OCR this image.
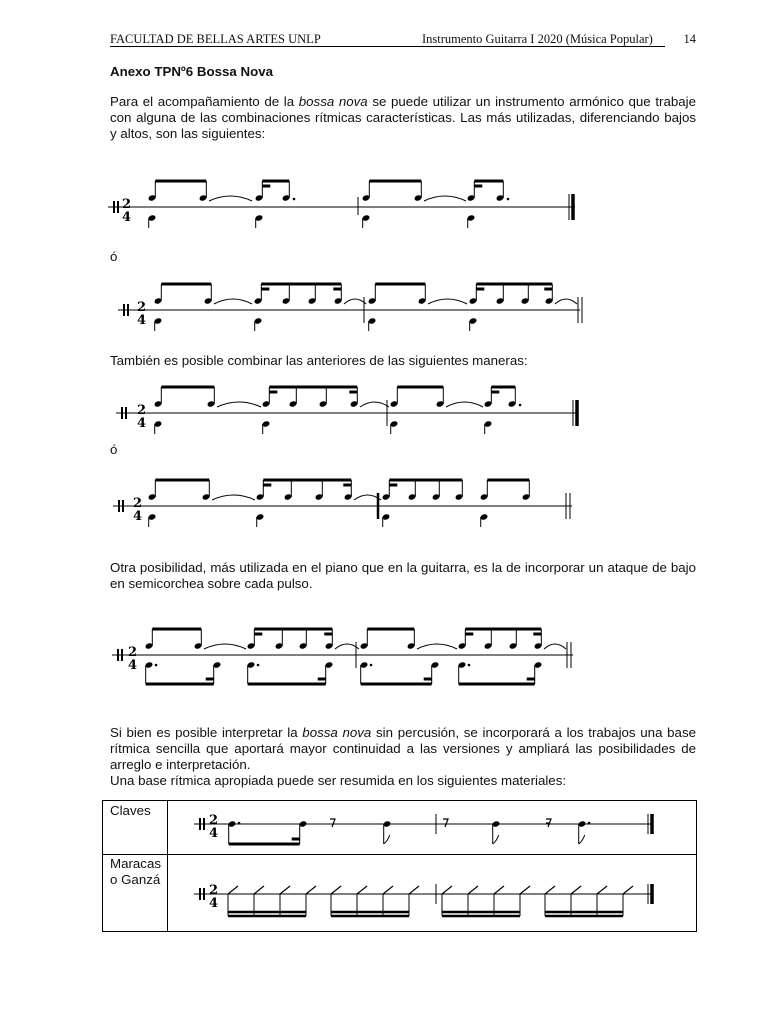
FACULTAD DE BELLAS ARTES UNLP	Instrumento Guitarra I 2020 (Música Popular) 14
Anexo TPNº6 Bossa Nova

Para el acompañamiento de la bossa nova se puede utilizar un instrumento armónico que trabaje con alguna de las combinaciones rítmicas características. Las más utilizadas, diferenciando bajos y altos, son las siguientes:

2
4
ó
2
4
También es posible combinar las anteriores de las siguientes maneras:
2
4
ó
2
4
Otra posibilidad, más utilizada en el piano que en la guitarra, es la de incorporar un ataque de bajo en semicorchea sobre cada pulso.
2
4

Si bien es posible interpretar la bossa nova sin percusión, se incorporará a los trabajos una base rítmica sencilla que aportará mayor continuidad a las versiones y ampliará las posibilidades de arreglo e interpretación.

Una base rítmica apropiada puede ser resumida en los siguientes materiales:

Claves
Maracas o Ganzá
2
4
2
4
